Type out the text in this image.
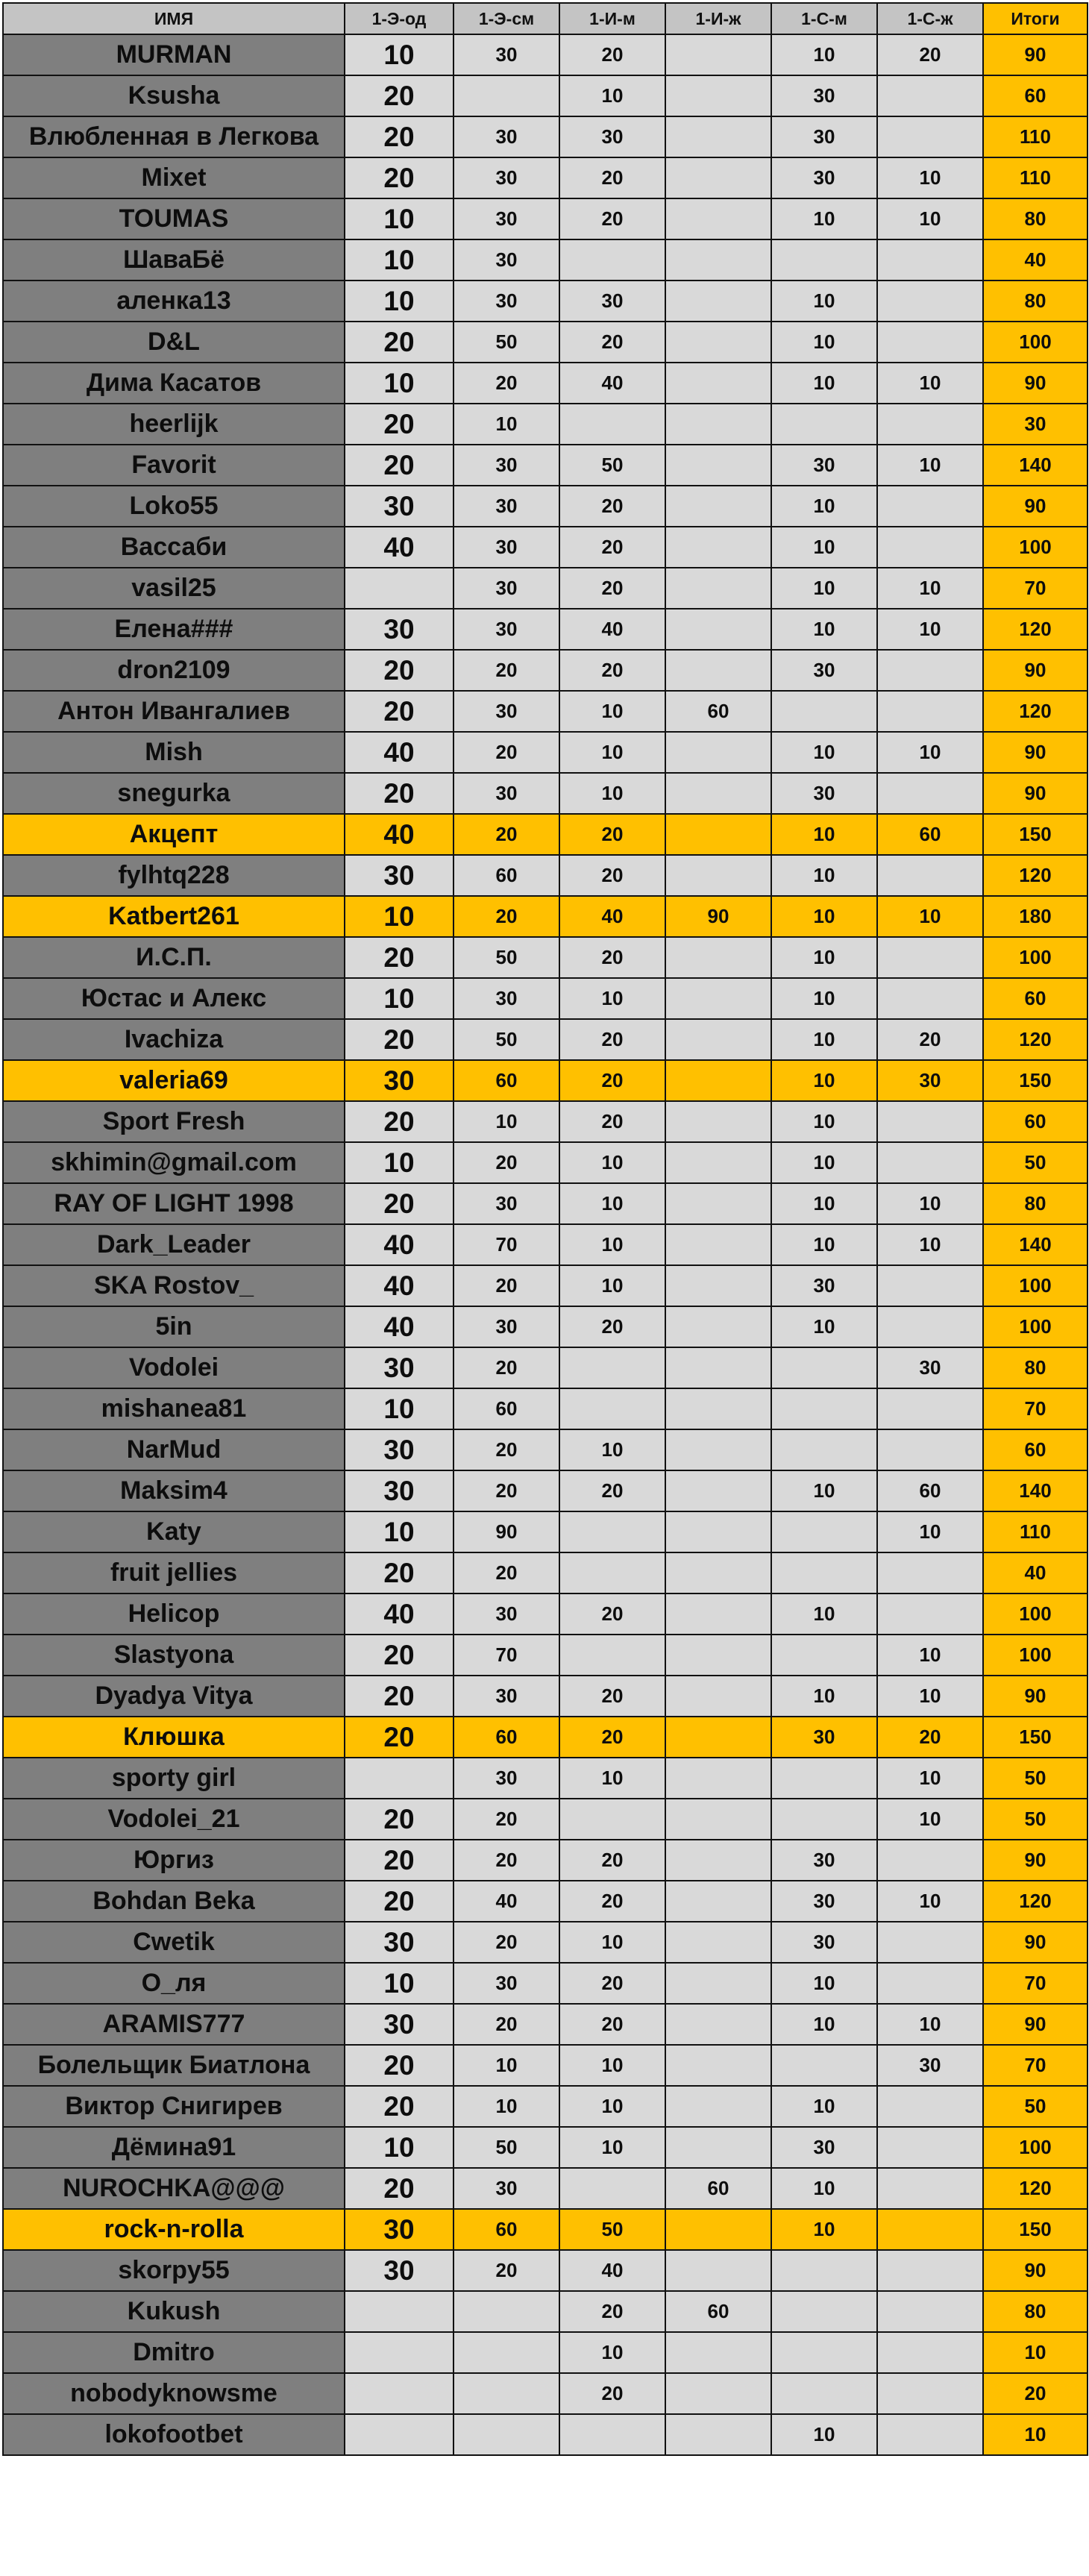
ИМЯ	1-Э-од	1-Э-см	1-И-м	1-И-ж	1-С-м	1-С-ж	Итоги
MURMAN	10	30	20		10	20	90
Ksusha	20		10		30		60
Влюбленная в Легкова	20	30	30		30		110
Mixet	20	30	20		30	10	110
TOUMAS	10	30	20		10	10	80
ШаваБё	10	30					40
аленка13	10	30	30		10		80
D&L	20	50	20		10		100
Дима Касатов	10	20	40		10	10	90
heerlijk	20	10					30
Favorit	20	30	50		30	10	140
Loko55	30	30	20		10		90
Вассаби	40	30	20		10		100
vasil25		30	20		10	10	70
Елена###	30	30	40		10	10	120
dron2109	20	20	20		30		90
Антон Ивангалиев	20	30	10	60			120
Mish	40	20	10		10	10	90
snegurka	20	30	10		30		90
Акцепт	40	20	20		10	60	150
fylhtq228	30	60	20		10		120
Katbert261	10	20	40	90	10	10	180
И.С.П.	20	50	20		10		100
Юстас и Алекс	10	30	10		10		60
Ivachiza	20	50	20		10	20	120
valeria69	30	60	20		10	30	150
Sport Fresh	20	10	20		10		60
skhimin@gmail.com	10	20	10		10		50
RAY OF LIGHT 1998	20	30	10		10	10	80
Dark_Leader	40	70	10		10	10	140
SKA Rostov_	40	20	10		30		100
5in	40	30	20		10		100
Vodolei	30	20				30	80
mishanea81	10	60					70
NarMud	30	20	10				60
Maksim4	30	20	20		10	60	140
Katy	10	90				10	110
fruit jellies	20	20					40
Helicop	40	30	20		10		100
Slastyona	20	70				10	100
Dyadya Vitya	20	30	20		10	10	90
Клюшка	20	60	20		30	20	150
sporty girl		30	10			10	50
Vodolei_21	20	20				10	50
Юргиз	20	20	20		30		90
Bohdan Beka	20	40	20		30	10	120
Cwetik	30	20	10		30		90
О_ля	10	30	20		10		70
ARAMIS777	30	20	20		10	10	90
Болельщик Биатлона	20	10	10			30	70
Виктор Снигирев	20	10	10		10		50
Дёмина91	10	50	10		30		100
NUROCHKA@@@	20	30		60	10		120
rock-n-rolla	30	60	50		10		150
skorpy55	30	20	40				90
Kukush			20	60			80
Dmitro			10				10
nobodyknowsme			20				20
lokofootbet					10		10
